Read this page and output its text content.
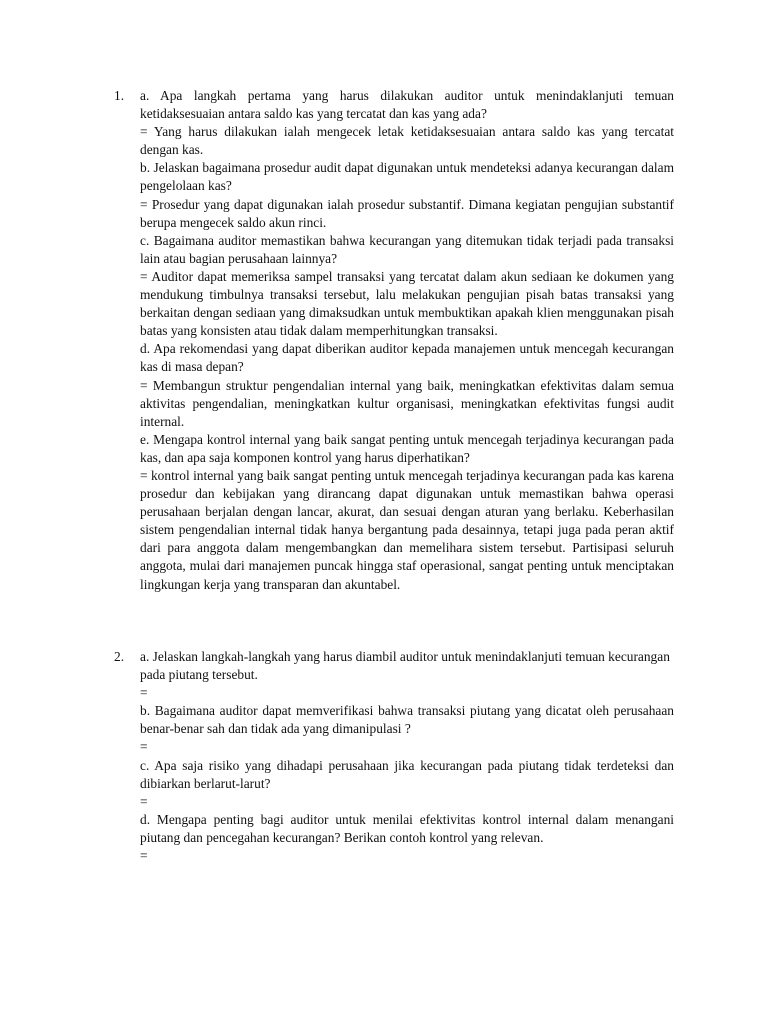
1. a. Apa langkah pertama yang harus dilakukan auditor untuk menindaklanjuti temuan ketidaksesuaian antara saldo kas yang tercatat dan kas yang ada?

= Yang harus dilakukan ialah mengecek letak ketidaksesuaian antara saldo kas yang tercatat dengan kas.

b. Jelaskan bagaimana prosedur audit dapat digunakan untuk mendeteksi adanya kecurangan dalam pengelolaan kas?

= Prosedur yang dapat digunakan ialah prosedur substantif. Dimana kegiatan pengujian substantif berupa mengecek saldo akun rinci.

c. Bagaimana auditor memastikan bahwa kecurangan yang ditemukan tidak terjadi pada transaksi lain atau bagian perusahaan lainnya?

= Auditor dapat memeriksa sampel transaksi yang tercatat dalam akun sediaan ke dokumen yang mendukung timbulnya transaksi tersebut, lalu melakukan pengujian pisah batas transaksi yang berkaitan dengan sediaan yang dimaksudkan untuk membuktikan apakah klien menggunakan pisah batas yang konsisten atau tidak dalam memperhitungkan transaksi.

d. Apa rekomendasi yang dapat diberikan auditor kepada manajemen untuk mencegah kecurangan kas di masa depan?

= Membangun struktur pengendalian internal yang baik, meningkatkan efektivitas dalam semua aktivitas pengendalian, meningkatkan kultur organisasi, meningkatkan efektivitas fungsi audit internal.

e. Mengapa kontrol internal yang baik sangat penting untuk mencegah terjadinya kecurangan pada kas, dan apa saja komponen kontrol yang harus diperhatikan?

= kontrol internal yang baik sangat penting untuk mencegah terjadinya kecurangan pada kas karena prosedur dan kebijakan yang dirancang dapat digunakan untuk memastikan bahwa operasi perusahaan berjalan dengan lancar, akurat, dan sesuai dengan aturan yang berlaku. Keberhasilan sistem pengendalian internal tidak hanya bergantung pada desainnya, tetapi juga pada peran aktif dari para anggota dalam mengembangkan dan memelihara sistem tersebut. Partisipasi seluruh anggota, mulai dari manajemen puncak hingga staf operasional, sangat penting untuk menciptakan lingkungan kerja yang transparan dan akuntabel.

2. a. Jelaskan langkah-langkah yang harus diambil auditor untuk menindaklanjuti temuan kecurangan pada piutang tersebut.

=

b. Bagaimana auditor dapat memverifikasi bahwa transaksi piutang yang dicatat oleh perusahaan benar-benar sah dan tidak ada yang dimanipulasi ?

=

c. Apa saja risiko yang dihadapi perusahaan jika kecurangan pada piutang tidak terdeteksi dan dibiarkan berlarut-larut?

=

d. Mengapa penting bagi auditor untuk menilai efektivitas kontrol internal dalam menangani piutang dan pencegahan kecurangan? Berikan contoh kontrol yang relevan.

=
